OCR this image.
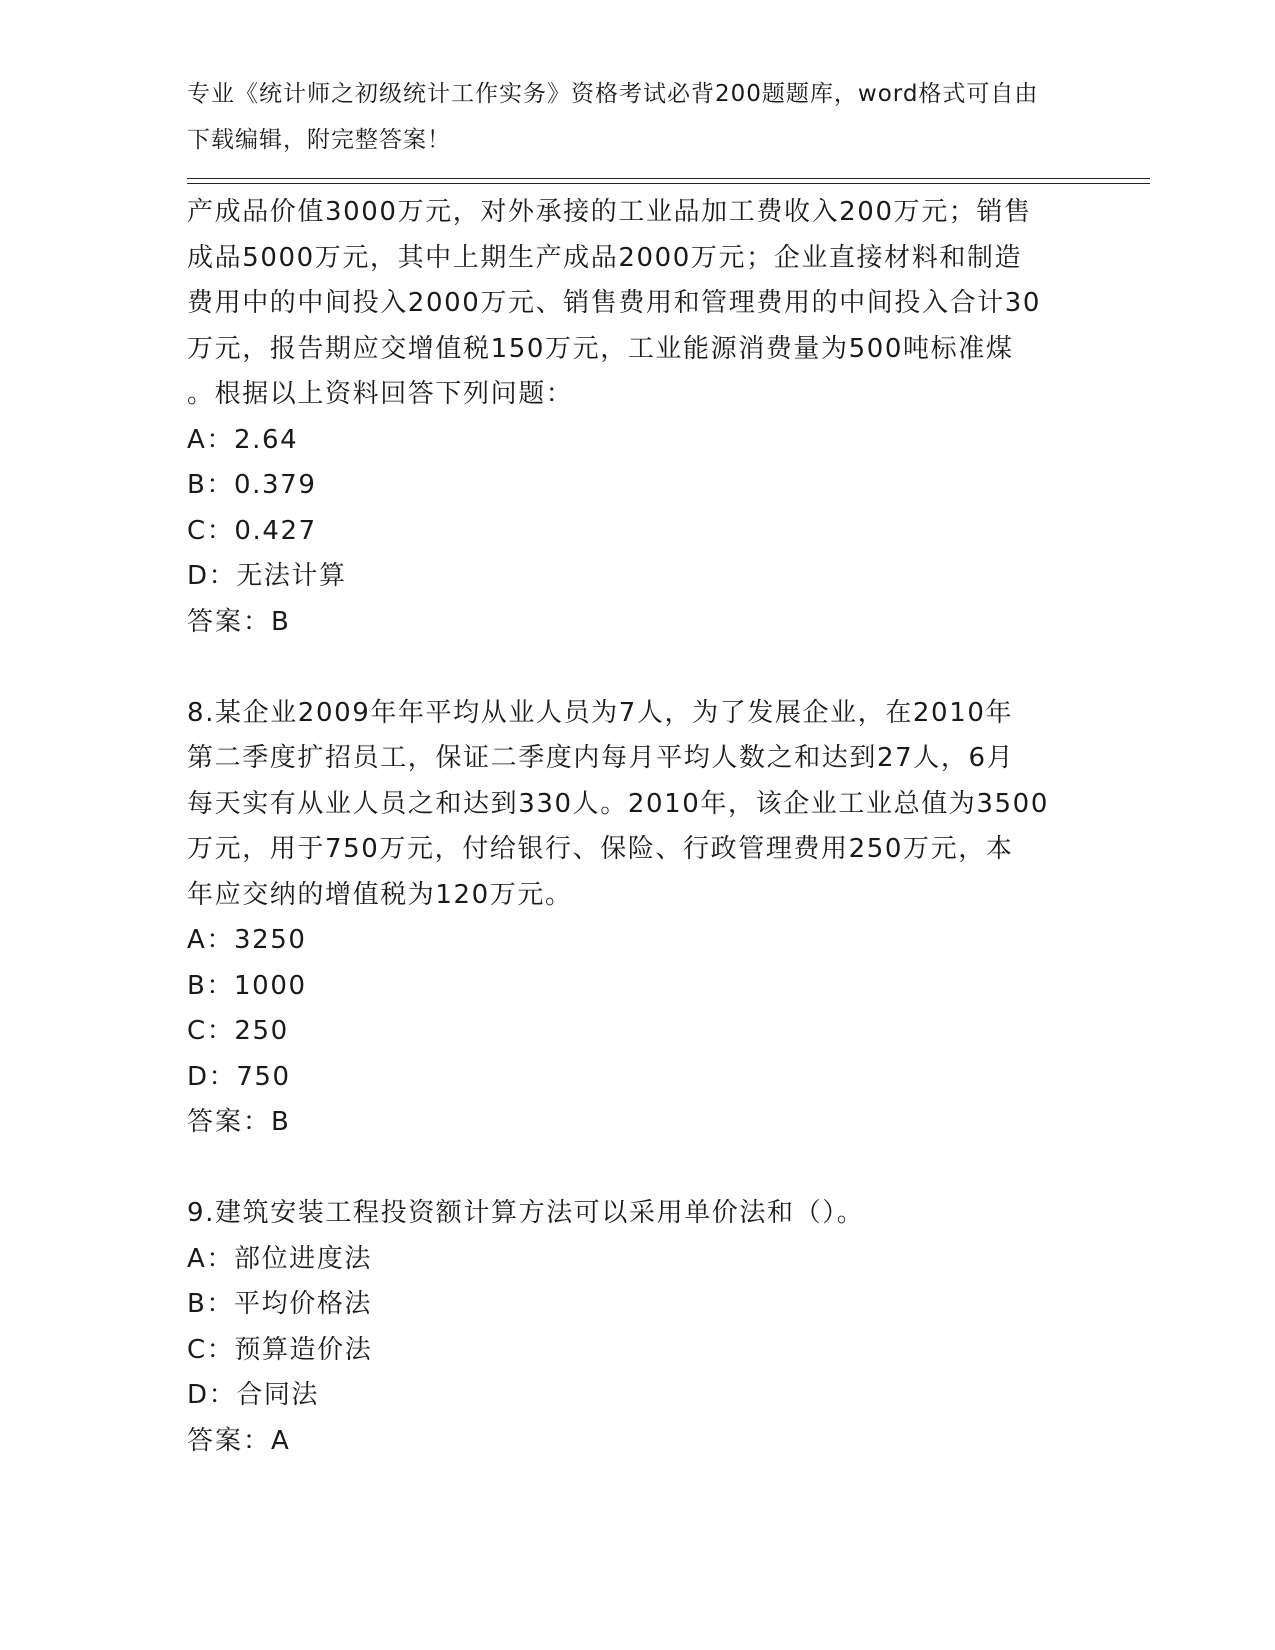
专业《统计师之初级统计工作实务》资格考试必背200题题库，word格式可自由
下载编辑，附完整答案！
产成品价值3000万元，对外承接的工业品加工费收入200万元；销售
成品5000万元，其中上期生产成品2000万元；企业直接材料和制造
费用中的中间投入2000万元、销售费用和管理费用的中间投入合计30
万元，报告期应交增值税150万元，工业能源消费量为500吨标准煤
。根据以上资料回答下列问题：
A：2.64
B：0.379
C：0.427
D：无法计算
答案：B
8.某企业2009年年平均从业人员为7人，为了发展企业，在2010年
第二季度扩招员工，保证二季度内每月平均人数之和达到27人，6月
每天实有从业人员之和达到330人。2010年，该企业工业总值为3500
万元，用于750万元，付给银行、保险、行政管理费用250万元，本
年应交纳的增值税为120万元。
A：3250
B：1000
C：250
D：750
答案：B
9.建筑安装工程投资额计算方法可以采用单价法和（）。
A：部位进度法
B：平均价格法
C：预算造价法
D：合同法
答案：A
